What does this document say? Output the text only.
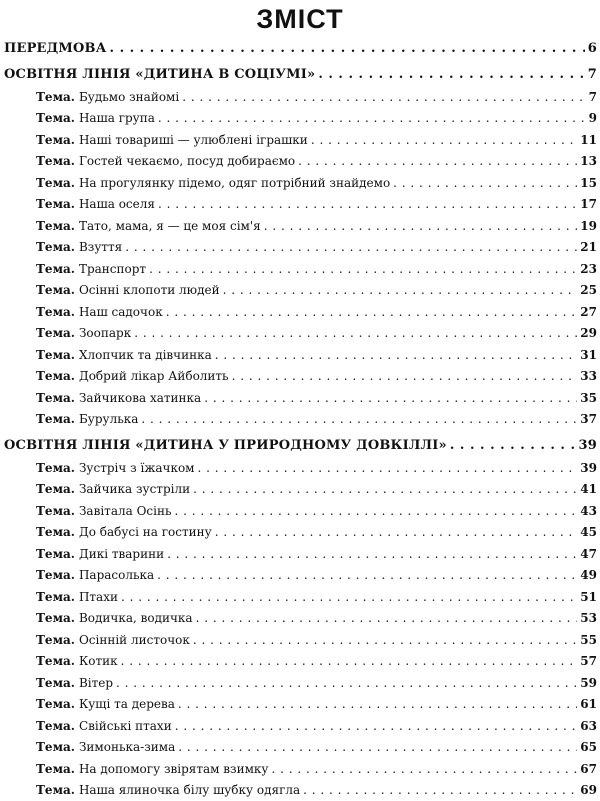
ЗМІСТ
ПЕРЕДМОВА . . .	6
ОСВІТНЯ ЛІНІЯ «ДИТИНА В СОЦІУМІ» . . .	7
Тема. Будьмо знайомі . . .	7
Тема. Наша група . . .	9
Тема. Наші товариші — улюблені іграшки . . .	11
Тема. Гостей чекаємо, посуд добираємо . . .	13
Тема. На прогулянку підемо, одяг потрібний знайдемо . . .	15
Тема. Наша оселя . . .	17
Тема. Тато, мама, я — це моя сім'я . . .	19
Тема. Взуття . . .	21
Тема. Транспорт . . .	23
Тема. Осінні клопоти людей . . .	25
Тема. Наш садочок . . .	27
Тема. Зоопарк . . .	29
Тема. Хлопчик та дівчинка . . .	31
Тема. Добрий лікар Айболить . . .	33
Тема. Зайчикова хатинка . . .	35
Тема. Бурулька . . .	37
ОСВІТНЯ ЛІНІЯ «ДИТИНА У ПРИРОДНОМУ ДОВКІЛЛІ» . . .	39
Тема. Зустріч з їжачком . . .	39
Тема. Зайчика зустріли . . .	41
Тема. Завітала Осінь . . .	43
Тема. До бабусі на гостину . . .	45
Тема. Дикі тварини . . .	47
Тема. Парасолька . . .	49
Тема. Птахи . . .	51
Тема. Водичка, водичка . . .	53
Тема. Осінній листочок . . .	55
Тема. Котик . . .	57
Тема. Вітер . . .	59
Тема. Кущі та дерева . . .	61
Тема. Свійські птахи . . .	63
Тема. Зимонька-зима . . .	65
Тема. На допомогу звірятам взимку . . .	67
Тема. Наша ялиночка білу шубку одягла . . .	69
